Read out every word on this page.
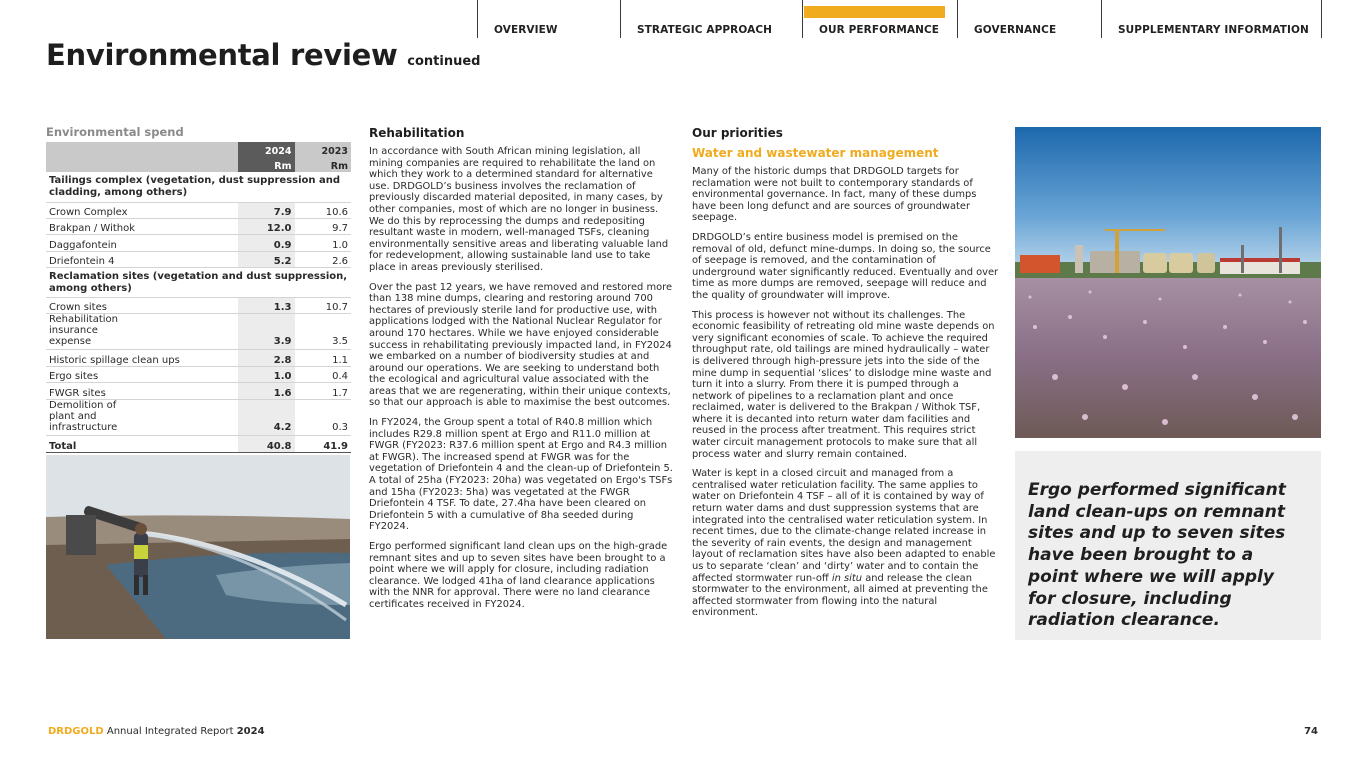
OVERVIEW	STRATEGIC APPROACH	OUR PERFORMANCE	GOVERNANCE	SUPPLEMENTARY INFORMATION
Environmental review continued
Environmental spend
	2024	2023
	Rm	Rm
Tailings complex (vegetation, dust suppression and cladding, among others)		
Crown Complex	7.9	10.6
Brakpan / Withok	12.0	9.7
Daggafontein	0.9	1.0
Driefontein 4	5.2	2.6
Reclamation sites (vegetation and dust suppression, among others)		
Crown sites	1.3	10.7
Rehabilitation insurance expense	3.9	3.5
Historic spillage clean ups	2.8	1.1
Ergo sites	1.0	0.4
FWGR sites	1.6	1.7
Demolition of plant and infrastructure	4.2	0.3
Total	40.8	41.9
Rehabilitation

In accordance with South African mining legislation, all mining companies are required to rehabilitate the land on which they work to a determined standard for alternative use. DRDGOLD’s business involves the reclamation of previously discarded material deposited, in many cases, by other companies, most of which are no longer in business. We do this by reprocessing the dumps and redepositing resultant waste in modern, well-managed TSFs, cleaning environmentally sensitive areas and liberating valuable land for redevelopment, allowing sustainable land use to take place in areas previously sterilised.

Over the past 12 years, we have removed and restored more than 138 mine dumps, clearing and restoring around 700 hectares of previously sterile land for productive use, with applications lodged with the National Nuclear Regulator for around 170 hectares. While we have enjoyed considerable success in rehabilitating previously impacted land, in FY2024 we embarked on a number of biodiversity studies at and around our operations. We are seeking to understand both the ecological and agricultural value associated with the areas that we are regenerating, within their unique contexts, so that our approach is able to maximise the best outcomes.

In FY2024, the Group spent a total of R40.8 million which includes R29.8 million spent at Ergo and R11.0 million at FWGR (FY2023: R37.6 million spent at Ergo and R4.3 million at FWGR). The increased spend at FWGR was for the vegetation of Driefontein 4 and the clean-up of Driefontein 5. A total of 25ha (FY2023: 20ha) was vegetated on Ergo's TSFs and 15ha (FY2023: 5ha) was vegetated at the FWGR Driefontein 4 TSF. To date, 27.4ha have been cleared on Driefontein 5 with a cumulative of 8ha seeded during FY2024.

Ergo performed significant land clean ups on the high-grade remnant sites and up to seven sites have been brought to a point where we will apply for closure, including radiation clearance. We lodged 41ha of land clearance applications with the NNR for approval. There were no land clearance certificates received in FY2024.

Our priorities
Water and wastewater management

Many of the historic dumps that DRDGOLD targets for reclamation were not built to contemporary standards of environmental governance. In fact, many of these dumps have been long defunct and are sources of groundwater seepage.

DRDGOLD’s entire business model is premised on the removal of old, defunct mine-dumps. In doing so, the source of seepage is removed, and the contamination of underground water significantly reduced. Eventually and over time as more dumps are removed, seepage will reduce and the quality of groundwater will improve.

This process is however not without its challenges. The economic feasibility of retreating old mine waste depends on very significant economies of scale. To achieve the required throughput rate, old tailings are mined hydraulically – water is delivered through high-pressure jets into the side of the mine dump in sequential ‘slices’ to dislodge mine waste and turn it into a slurry. From there it is pumped through a network of pipelines to a reclamation plant and once reclaimed, water is delivered to the Brakpan / Withok TSF, where it is decanted into return water dam facilities and reused in the process after treatment. This requires strict water circuit management protocols to make sure that all process water and slurry remain contained.

Water is kept in a closed circuit and managed from a centralised water reticulation facility. The same applies to water on Driefontein 4 TSF – all of it is contained by way of return water dams and dust suppression systems that are integrated into the centralised water reticulation system. In recent times, due to the climate-change related increase in the severity of rain events, the design and management layout of reclamation sites have also been adapted to enable us to separate ‘clean’ and ‘dirty’ water and to contain the affected stormwater run-off in situ and release the clean stormwater to the environment, all aimed at preventing the affected stormwater from flowing into the natural environment.

Ergo performed significant land clean-ups on remnant sites and up to seven sites have been brought to a point where we will apply for closure, including radiation clearance.

DRDGOLD Annual Integrated Report 2024	74
